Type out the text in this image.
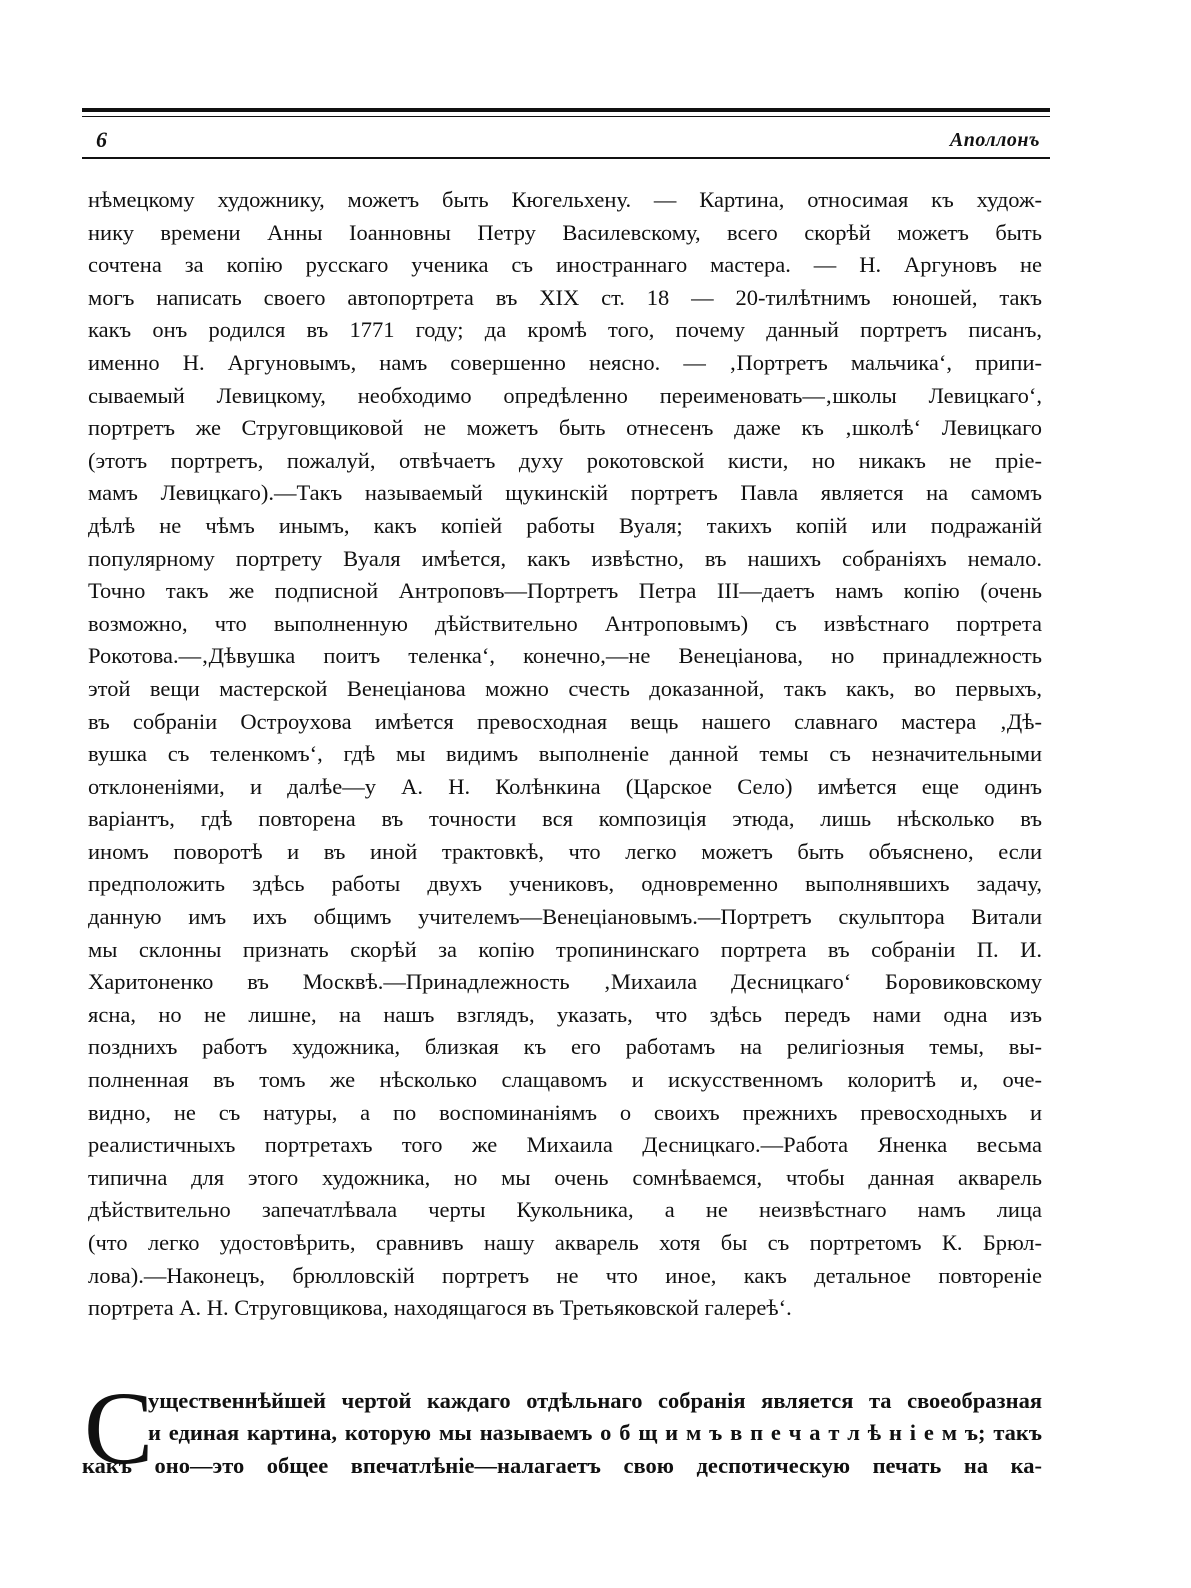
6	Аполлонъ
нѣмецкому художнику, можетъ быть Кюгельхену. — Картина, относимая къ худож-
нику времени Анны Іоанновны Петру Василевскому, всего скорѣй можетъ быть
сочтена за копію русскаго ученика съ иностраннаго мастера. — Н. Аргуновъ не
могъ написать своего автопортрета въ XIX ст. 18 — 20-тилѣтнимъ юношей, такъ
какъ онъ родился въ 1771 году; да кромѣ того, почему данный портретъ писанъ,
именно Н. Аргуновымъ, намъ совершенно неясно. — ‚Портретъ мальчика‘, припи-
сываемый Левицкому, необходимо опредѣленно переименовать—‚школы Левицкаго‘,
портретъ же Струговщиковой не можетъ быть отнесенъ даже къ ‚школѣ‘ Левицкаго
(этотъ портретъ, пожалуй, отвѣчаетъ духу рокотовской кисти, но никакъ не прiе-
мамъ Левицкаго).—Такъ называемый щукинскiй портретъ Павла является на самомъ
дѣлѣ не чѣмъ инымъ, какъ копiей работы Вуаля; такихъ копiй или подражанiй
популярному портрету Вуаля имѣется, какъ извѣстно, въ нашихъ собранiяхъ немало.
Точно такъ же подписной Антроповъ—Портретъ Петра III—даетъ намъ копiю (очень
возможно, что выполненную дѣйствительно Антроповымъ) съ извѣстнаго портрета
Рокотова.—‚Дѣвушка поитъ теленка‘, конечно,—не Венецiанова, но принадлежность
этой вещи мастерской Венецiанова можно счесть доказанной, такъ какъ, во первыхъ,
въ собранiи Остроухова имѣется превосходная вещь нашего славнаго мастера ‚Дѣ-
вушка съ теленкомъ‘, гдѣ мы видимъ выполненiе данной темы съ незначительными
отклоненiями, и далѣе—у А. Н. Колѣнкина (Царское Село) имѣется еще одинъ
варiантъ, гдѣ повторена въ точности вся композицiя этюда, лишь нѣсколько въ
иномъ поворотѣ и въ иной трактовкѣ, что легко можетъ быть объяснено, если
предположить здѣсь работы двухъ учениковъ, одновременно выполнявшихъ задачу,
данную имъ ихъ общимъ учителемъ—Венецiановымъ.—Портретъ скульптора Витали
мы склонны признать скорѣй за копiю тропининскаго портрета въ собранiи П. И.
Харитоненко въ Москвѣ.—Принадлежность ‚Михаила Десницкаго‘ Боровиковскому
ясна, но не лишне, на нашъ взглядъ, указать, что здѣсь передъ нами одна изъ
позднихъ работъ художника, близкая къ его работамъ на религiозныя темы, вы-
полненная въ томъ же нѣсколько слащавомъ и искусственномъ колоритѣ и, оче-
видно, не съ натуры, а по воспоминанiямъ о своихъ прежнихъ превосходныхъ и
реалистичныхъ портретахъ того же Михаила Десницкаго.—Работа Яненка весьма
типична для этого художника, но мы очень сомнѣваемся, чтобы данная акварель
дѣйствительно запечатлѣвала черты Кукольника, а не неизвѣстнаго намъ лица
(что легко удостовѣрить, сравнивъ нашу акварель хотя бы съ портретомъ К. Брюл-
лова).—Наконецъ, брюлловскiй портретъ не что иное, какъ детальное повторенiе
портрета А. Н. Струговщикова, находящагося въ Третьяковской галереѣ‘.
С
ущественнѣйшей чертой каждаго отдѣльнаго собранiя является та своеобразная
и единая картина, которую мы называемъ о б щ и м ъ в п е ч а т л ѣ н і е м ъ; такъ
какъ оно—это общее впечатлѣнiе—налагаетъ свою деспотическую печать на ка-
